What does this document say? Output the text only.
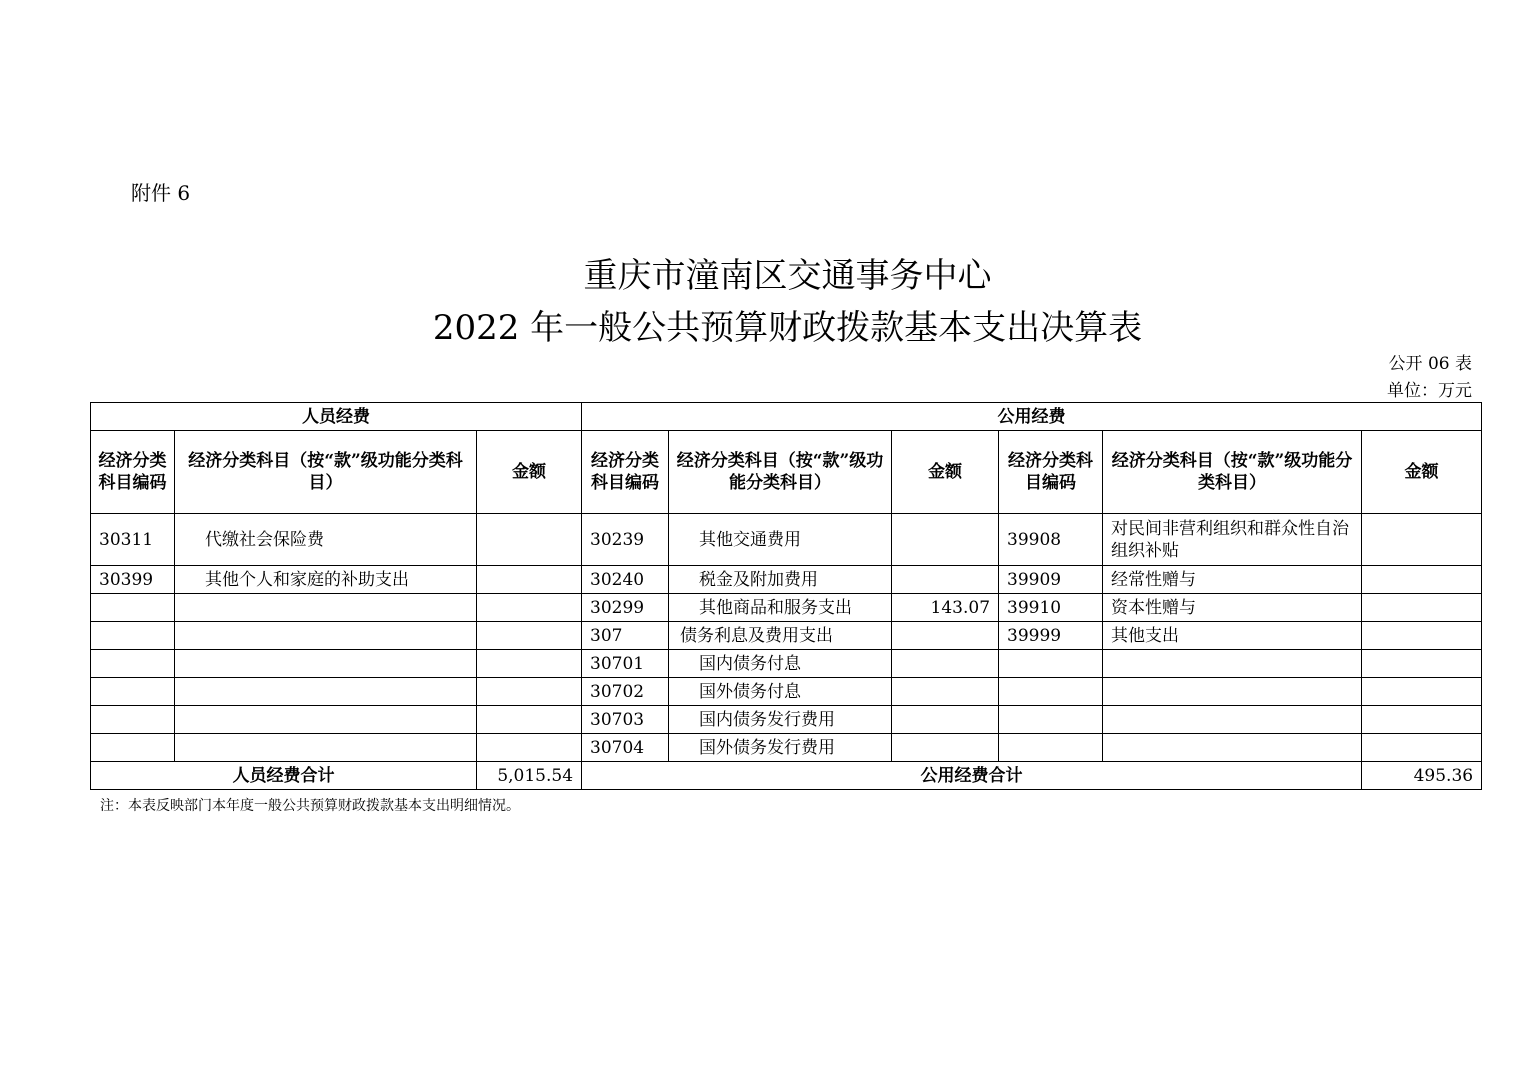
附件 6
重庆市潼南区交通事务中心
2022 年一般公共预算财政拨款基本支出决算表
公开 06 表
单位：万元
人员经费			公用经费					
经济分类科目编码	经济分类科目（按“款”级功能分类科目）	金额	经济分类科目编码	经济分类科目（按“款”级功能分类科目）	金额	经济分类科目编码	经济分类科目（按“款”级功能分类科目）	金额
30311	代缴社会保险费		30239	其他交通费用		39908	对民间非营利组织和群众性自治组织补贴	
30399	其他个人和家庭的补助支出		30240	税金及附加费用		39909	经常性赠与	
			30299	其他商品和服务支出	143.07	39910	资本性赠与	
			307	债务利息及费用支出		39999	其他支出	
			30701	国内债务付息				
			30702	国外债务付息				
			30703	国内债务发行费用				
			30704	国外债务发行费用				
人员经费合计		5,015.54	公用经费合计					495.36
注：本表反映部门本年度一般公共预算财政拨款基本支出明细情况。
